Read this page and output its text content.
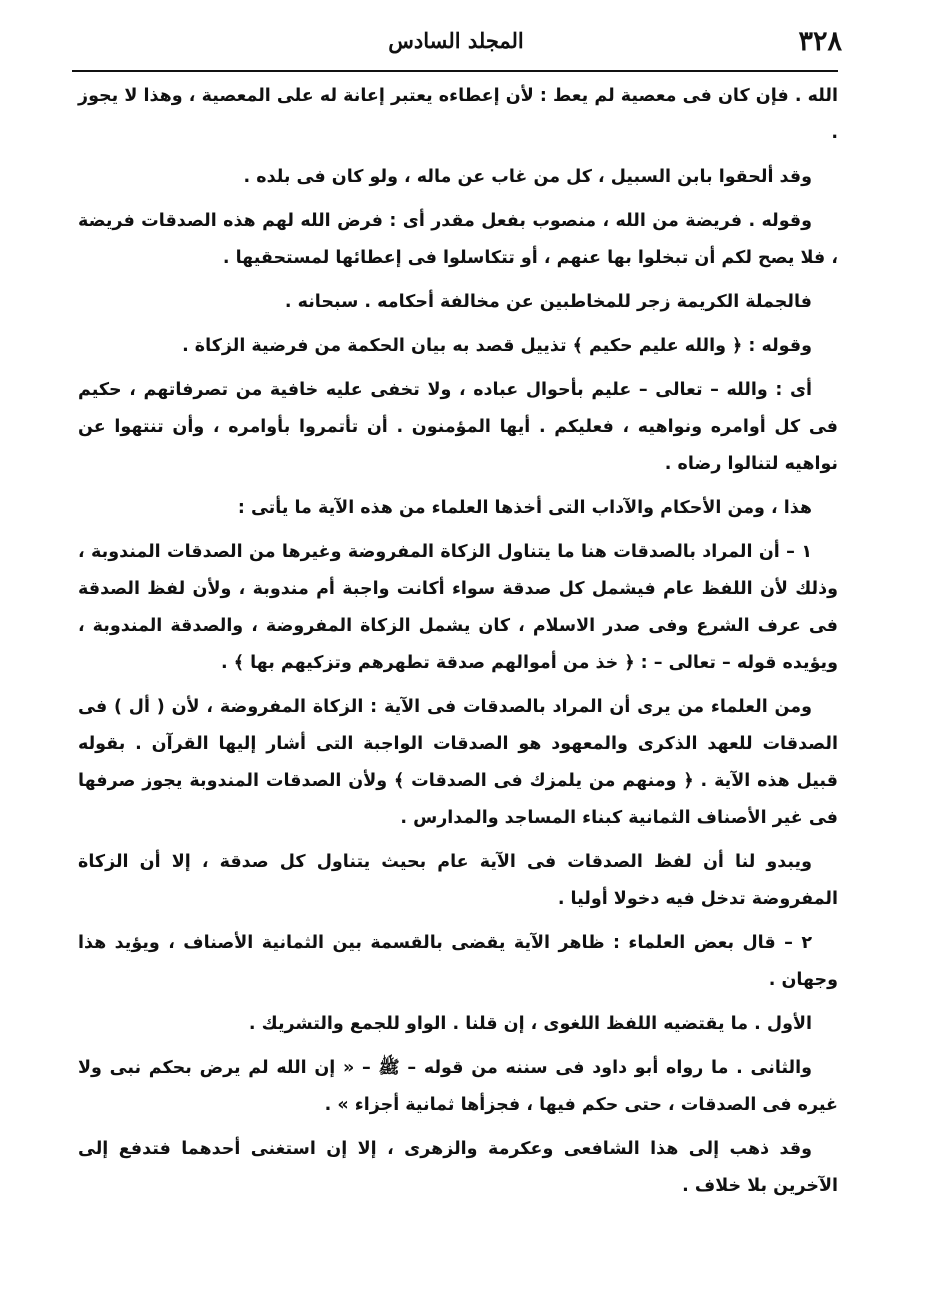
٣٢٨
المجلد السادس

الله . فإن كان فى معصية لم يعط : لأن إعطاءه يعتبر إعانة له على المعصية ، وهذا لا يجوز .

وقد ألحقوا بابن السبيل ، كل من غاب عن ماله ، ولو كان فى بلده .

وقوله . فريضة من الله ، منصوب بفعل مقدر أى : فرض الله لهم هذه الصدقات فريضة ، فلا يصح لكم أن تبخلوا بها عنهم ، أو تتكاسلوا فى إعطائها لمستحقيها .

فالجملة الكريمة زجر للمخاطبين عن مخالفة أحكامه . سبحانه .

وقوله : ﴿ والله عليم حكيم ﴾ تذييل قصد به بيان الحكمة من فرضية الزكاة .

أى : والله – تعالى – عليم بأحوال عباده ، ولا تخفى عليه خافية من تصرفاتهم ، حكيم فى كل أوامره ونواهيه ، فعليكم . أيها المؤمنون . أن تأتمروا بأوامره ، وأن تنتهوا عن نواهيه لتنالوا رضاه .

هذا ، ومن الأحكام والآداب التى أخذها العلماء من هذه الآية ما يأتى :

١ – أن المراد بالصدقات هنا ما يتناول الزكاة المفروضة وغيرها من الصدقات المندوبة ، وذلك لأن اللفظ عام فيشمل كل صدقة سواء أكانت واجبة أم مندوبة ، ولأن لفظ الصدقة فى عرف الشرع وفى صدر الاسلام ، كان يشمل الزكاة المفروضة ، والصدقة المندوبة ، ويؤيده قوله – تعالى – : ﴿ خذ من أموالهم صدقة تطهرهم وتزكيهم بها ﴾ .

ومن العلماء من يرى أن المراد بالصدقات فى الآية : الزكاة المفروضة ، لأن ( أل ) فى الصدقات للعهد الذكرى والمعهود هو الصدقات الواجبة التى أشار إليها القرآن . بقوله قبيل هذه الآية . ﴿ ومنهم من يلمزك فى الصدقات ﴾ ولأن الصدقات المندوبة يجوز صرفها فى غير الأصناف الثمانية كبناء المساجد والمدارس .

ويبدو لنا أن لفظ الصدقات فى الآية عام بحيث يتناول كل صدقة ، إلا أن الزكاة المفروضة تدخل فيه دخولا أوليا .

٢ – قال بعض العلماء : ظاهر الآية يقضى بالقسمة بين الثمانية الأصناف ، ويؤيد هذا وجهان .

الأول . ما يقتضيه اللفظ اللغوى ، إن قلنا . الواو للجمع والتشريك .

والثانى . ما رواه أبو داود فى سننه من قوله – ﷺ – « إن الله لم يرض بحكم نبى ولا غيره فى الصدقات ، حتى حكم فيها ، فجزأها ثمانية أجزاء » .

وقد ذهب إلى هذا الشافعى وعكرمة والزهرى ، إلا إن استغنى أحدهما فتدفع إلى الآخرين بلا خلاف .
